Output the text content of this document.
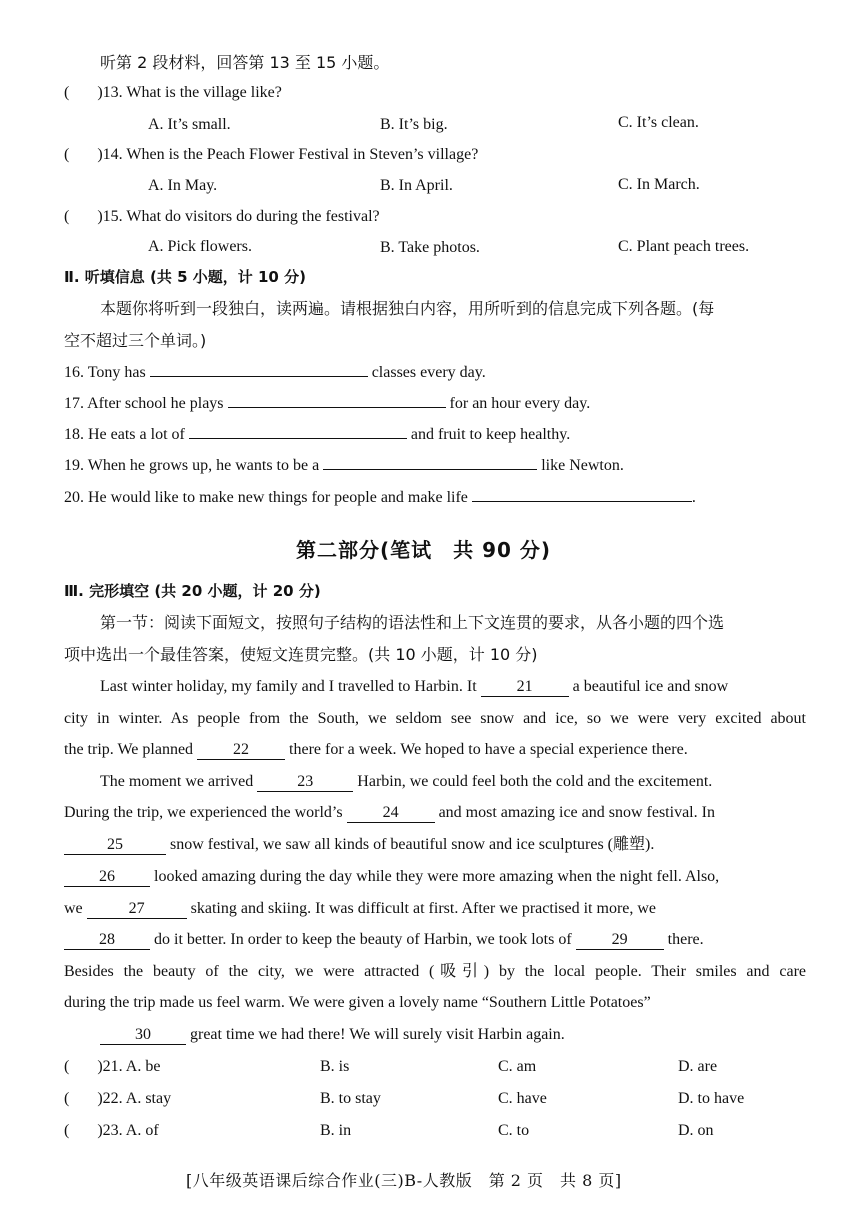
听第 2 段材料，回答第 13 至 15 小题。
(       )13. What is the village like?
A. It’s small.	B. It’s big.	C. It’s clean.
(       )14. When is the Peach Flower Festival in Steven’s village?
A. In May.	B. In April.	C. In March.
(       )15. What do visitors do during the festival?
A. Pick flowers.	B. Take photos.	C. Plant peach trees.
Ⅱ. 听填信息 (共 5 小题，计 10 分)
本题你将听到一段独白，读两遍。请根据独白内容，用所听到的信息完成下列各题。(每
空不超过三个单词。)
16. Tony has	classes every day.
17. After school he plays	for an hour every day.
18. He eats a lot of	and fruit to keep healthy.
19. When he grows up, he wants to be a	like Newton.
20. He would like to make new things for people and make life	.
第二部分(笔试　共 90 分)
Ⅲ. 完形填空 (共 20 小题，计 20 分)
第一节：阅读下面短文，按照句子结构的语法性和上下文连贯的要求，从各小题的四个选
项中选出一个最佳答案，使短文连贯完整。(共 10 小题，计 10 分)
Last winter holiday, my family and I travelled to Harbin. It	21	a beautiful ice and snow
city in winter. As people from the South, we seldom see snow and ice, so we were very excited about
the trip. We planned	22	there for a week. We hoped to have a special experience there.
The moment we arrived	23	Harbin, we could feel both the cold and the excitement.
During the trip, we experienced the world’s	24	and most amazing ice and snow festival. In
25	snow festival, we saw all kinds of beautiful snow and ice sculptures (雕塑).
26 looked amazing during the day while they were more amazing when the night fell. Also,
we	27	skating and skiing. It was difficult at first. After we practised it more, we
28 do it better. In order to keep the beauty of Harbin, we took lots of	29	there.
Besides the beauty of the city, we were attracted (吸引) by the local people. Their smiles and care
during the trip made us feel warm. We were given a lovely name “Southern Little Potatoes”
30 great time we had there! We will surely visit Harbin again.
(       )21. A. be	B. is	C. am	D. are
(       )22. A. stay	B. to stay	C. have	D. to have
(       )23. A. of	B. in	C. to	D. on
[八年级英语课后综合作业(三)B-人教版　第 2 页　共 8 页]
